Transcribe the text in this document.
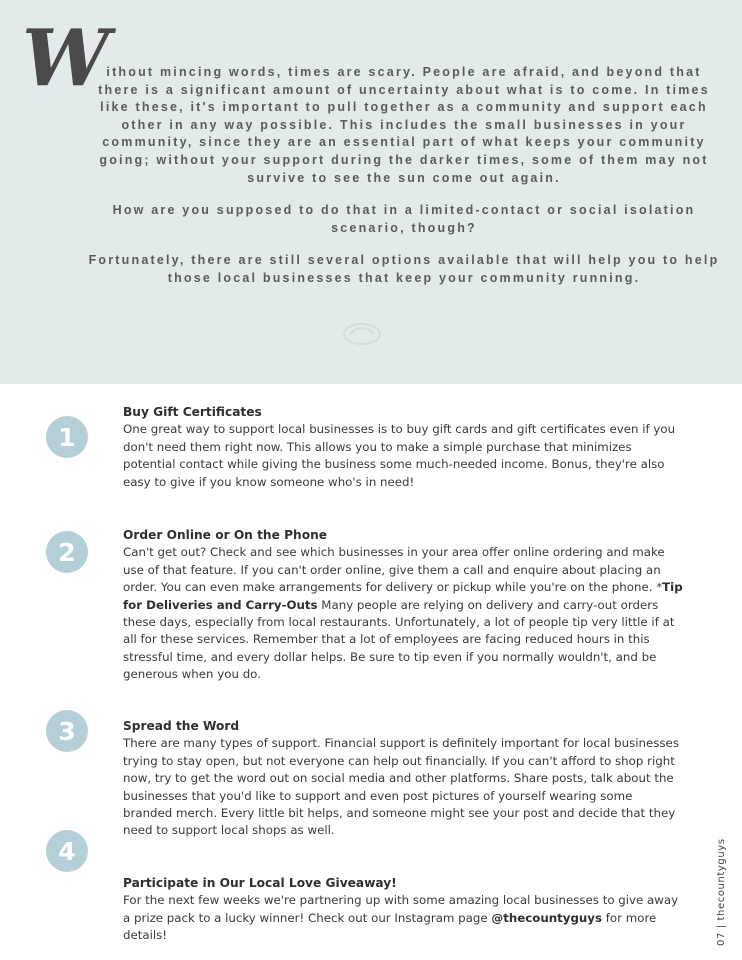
W

ithout mincing words, times are scary. People are afraid, and beyond that there is a significant amount of uncertainty about what is to come. In times like these, it's important to pull together as a community and support each other in any way possible. This includes the small businesses in your community, since they are an essential part of what keeps your community going; without your support during the darker times, some of them may not survive to see the sun come out again.

How are you supposed to do that in a limited-contact or social isolation scenario, though?

Fortunately, there are still several options available that will help you to help those local businesses that keep your community running.

1
Buy Gift Certificates
One great way to support local businesses is to buy gift cards and gift certificates even if you don't need them right now. This allows you to make a simple purchase that minimizes potential contact while giving the business some much-needed income. Bonus, they're also easy to give if you know someone who's in need!
2
Order Online or On the Phone
Can't get out? Check and see which businesses in your area offer online ordering and make use of that feature. If you can't order online, give them a call and enquire about placing an order. You can even make arrangements for delivery or pickup while you're on the phone. *Tip for Deliveries and Carry-Outs Many people are relying on delivery and carry-out orders these days, especially from local restaurants. Unfortunately, a lot of people tip very little if at all for these services. Remember that a lot of employees are facing reduced hours in this stressful time, and every dollar helps. Be sure to tip even if you normally wouldn't, and be generous when you do.
3	Spread the Word
There are many types of support. Financial support is definitely important for local businesses trying to stay open, but not everyone can help out financially. If you can't afford to shop right now, try to get the word out on social media and other platforms. Share posts, talk about the businesses that you'd like to support and even post pictures of yourself wearing some branded merch. Every little bit helps, and someone might see your post and decide that they need to support local shops as well.
4
Participate in Our Local Love Giveaway!
For the next few weeks we're partnering up with some amazing local businesses to give away a prize pack to a lucky winner! Check out our Instagram page @thecountyguys for more details!	07 | thecountyguys
